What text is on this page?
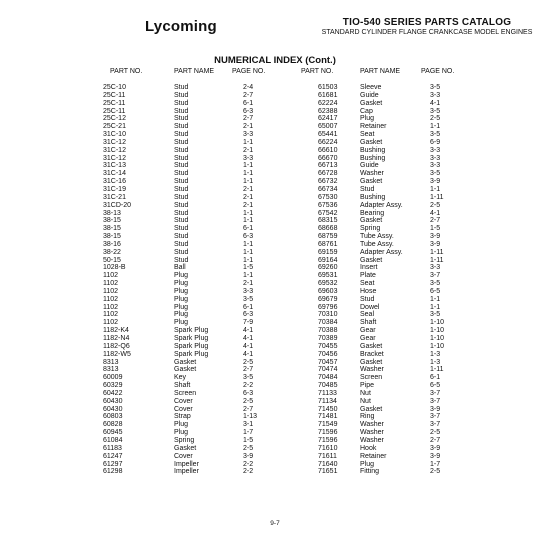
Lycoming	TIO-540 SERIES PARTS CATALOG
STANDARD CYLINDER FLANGE CRANKCASE MODEL ENGINES
NUMERICAL INDEX (Cont.)
PART NO.	PART NAME	PAGE NO.	PART NO.	PART NAME	PAGE NO.
25C-10	Stud	2-4	61503	Sleeve	3-5
25C-11	Stud	2-7	61681	Guide	3-3
25C-11	Stud	6-1	62224	Gasket	4-1
25C-11	Stud	6-3	62388	Cap	3-5
25C-12	Stud	2-7	62417	Plug	2-5
25C-21	Stud	2-1	65007	Retainer	1-1
31C-10	Stud	3-3	65441	Seat	3-5
31C-12	Stud	1-1	66224	Gasket	6-9
31C-12	Stud	2-1	66610	Bushing	3-3
31C-12	Stud	3-3	66670	Bushing	3-3
31C-13	Stud	1-1	66713	Guide	3-3
31C-14	Stud	1-1	66728	Washer	3-5
31C-16	Stud	1-1	66732	Gasket	3-9
31C-19	Stud	2-1	66734	Stud	1-1
31C-21	Stud	2-1	67530	Bushing	1-11
31CD-20	Stud	2-1	67536	Adapter Assy.	2-5
38-13	Stud	1-1	67542	Bearing	4-1
38-15	Stud	1-1	68315	Gasket	2-7
38-15	Stud	6-1	68668	Spring	1-5
38-15	Stud	6-3	68759	Tube Assy.	3-9
38-16	Stud	1-1	68761	Tube Assy.	3-9
38-22	Stud	1-1	69159	Adapter Assy.	1-11
50-15	Stud	1-1	69164	Gasket	1-11
1028-B	Ball	1-5	69260	Insert	3-3
1102	Plug	1-1	69531	Plate	3-7
1102	Plug	2-1	69532	Seat	3-5
1102	Plug	3-3	69603	Hose	6-5
1102	Plug	3-5	69679	Stud	1-1
1102	Plug	6-1	69796	Dowel	1-1
1102	Plug	6-3	70310	Seal	3-5
1102	Plug	7-9	70384	Shaft	1-10
1182-K4	Spark Plug	4-1	70388	Gear	1-10
1182-N4	Spark Plug	4-1	70389	Gear	1-10
1182-Q6	Spark Plug	4-1	70455	Gasket	1-10
1182-W5	Spark Plug	4-1	70456	Bracket	1-3
8313	Gasket	2-5	70457	Gasket	1-3
8313	Gasket	2-7	70474	Washer	1-11
60009	Key	3-5	70484	Screen	6-1
60329	Shaft	2-2	70485	Pipe	6-5
60422	Screen	6-3	71133	Nut	3-7
60430	Cover	2-5	71134	Nut	3-7
60430	Cover	2-7	71450	Gasket	3-9
60803	Strap	1-13	71481	Ring	3-7
60828	Plug	3-1	71549	Washer	3-7
60945	Plug	1-7	71596	Washer	2-5
61084	Spring	1-5	71596	Washer	2-7
61183	Gasket	2-5	71610	Hook	3-9
61247	Cover	3-9	71611	Retainer	3-9
61297	Impeller	2-2	71640	Plug	1-7
61298	Impeller	2-2	71651	Fitting	2-5
9-7
